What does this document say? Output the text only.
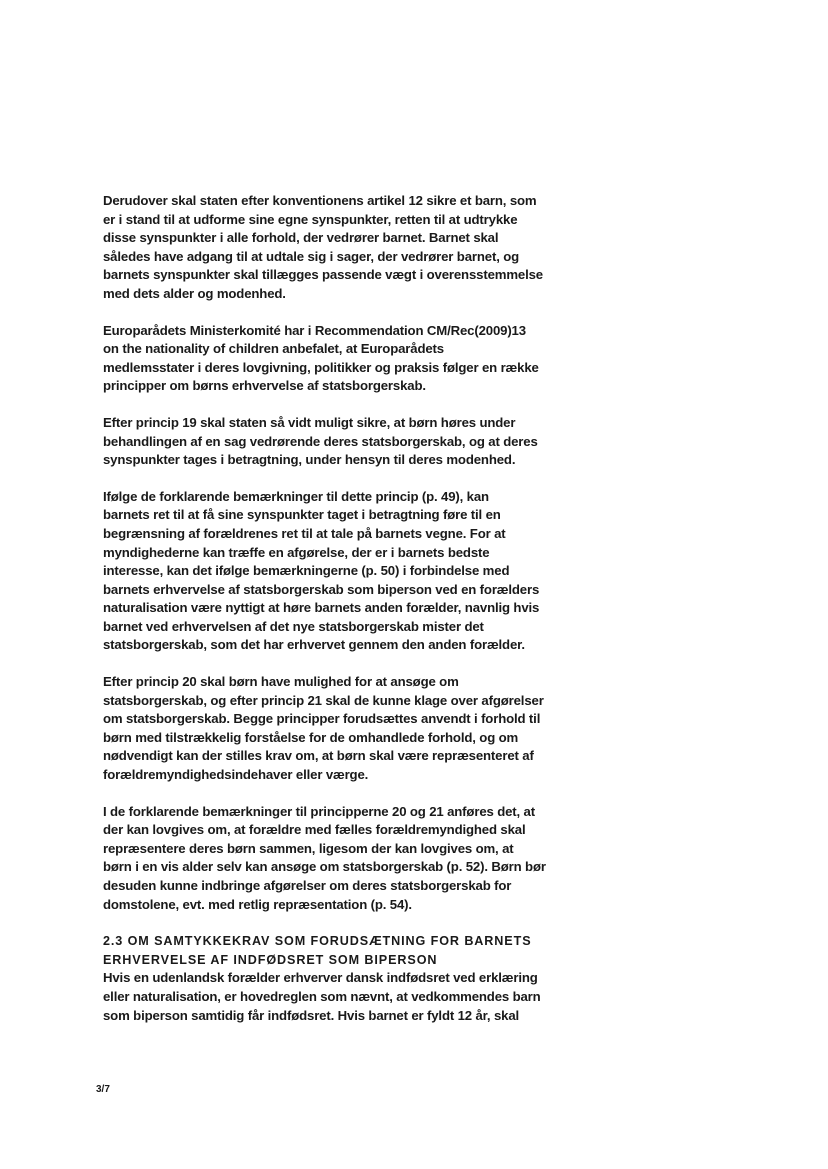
Derudover skal staten efter konventionens artikel 12 sikre et barn, som
er i stand til at udforme sine egne synspunkter, retten til at udtrykke
disse synspunkter i alle forhold, der vedrører barnet. Barnet skal
således have adgang til at udtale sig i sager, der vedrører barnet, og
barnets synspunkter skal tillægges passende vægt i overensstemmelse
med dets alder og modenhed.

Europarådets Ministerkomité har i Recommendation CM/Rec(2009)13
on the nationality of children anbefalet, at Europarådets
medlemsstater i deres lovgivning, politikker og praksis følger en række
principper om børns erhvervelse af statsborgerskab.

Efter princip 19 skal staten så vidt muligt sikre, at børn høres under
behandlingen af en sag vedrørende deres statsborgerskab, og at deres
synspunkter tages i betragtning, under hensyn til deres modenhed.

Ifølge de forklarende bemærkninger til dette princip (p. 49), kan
barnets ret til at få sine synspunkter taget i betragtning føre til en
begrænsning af forældrenes ret til at tale på barnets vegne. For at
myndighederne kan træffe en afgørelse, der er i barnets bedste
interesse, kan det ifølge bemærkningerne (p. 50) i forbindelse med
barnets erhvervelse af statsborgerskab som biperson ved en forælders
naturalisation være nyttigt at høre barnets anden forælder, navnlig hvis
barnet ved erhvervelsen af det nye statsborgerskab mister det
statsborgerskab, som det har erhvervet gennem den anden forælder.

Efter princip 20 skal børn have mulighed for at ansøge om
statsborgerskab, og efter princip 21 skal de kunne klage over afgørelser
om statsborgerskab. Begge principper forudsættes anvendt i forhold til
børn med tilstrækkelig forståelse for de omhandlede forhold, og om
nødvendigt kan der stilles krav om, at børn skal være repræsenteret af
forældremyndighedsindehaver eller værge.

I de forklarende bemærkninger til principperne 20 og 21 anføres det, at
der kan lovgives om, at forældre med fælles forældremyndighed skal
repræsentere deres børn sammen, ligesom der kan lovgives om, at
børn i en vis alder selv kan ansøge om statsborgerskab (p. 52). Børn bør
desuden kunne indbringe afgørelser om deres statsborgerskab for
domstolene, evt. med retlig repræsentation (p. 54).

2.3 OM SAMTYKKEKRAV SOM FORUDSÆTNING FOR BARNETS
ERHVERVELSE AF INDFØDSRET SOM BIPERSON

Hvis en udenlandsk forælder erhverver dansk indfødsret ved erklæring
eller naturalisation, er hovedreglen som nævnt, at vedkommendes barn
som biperson samtidig får indfødsret. Hvis barnet er fyldt 12 år, skal

3/7
